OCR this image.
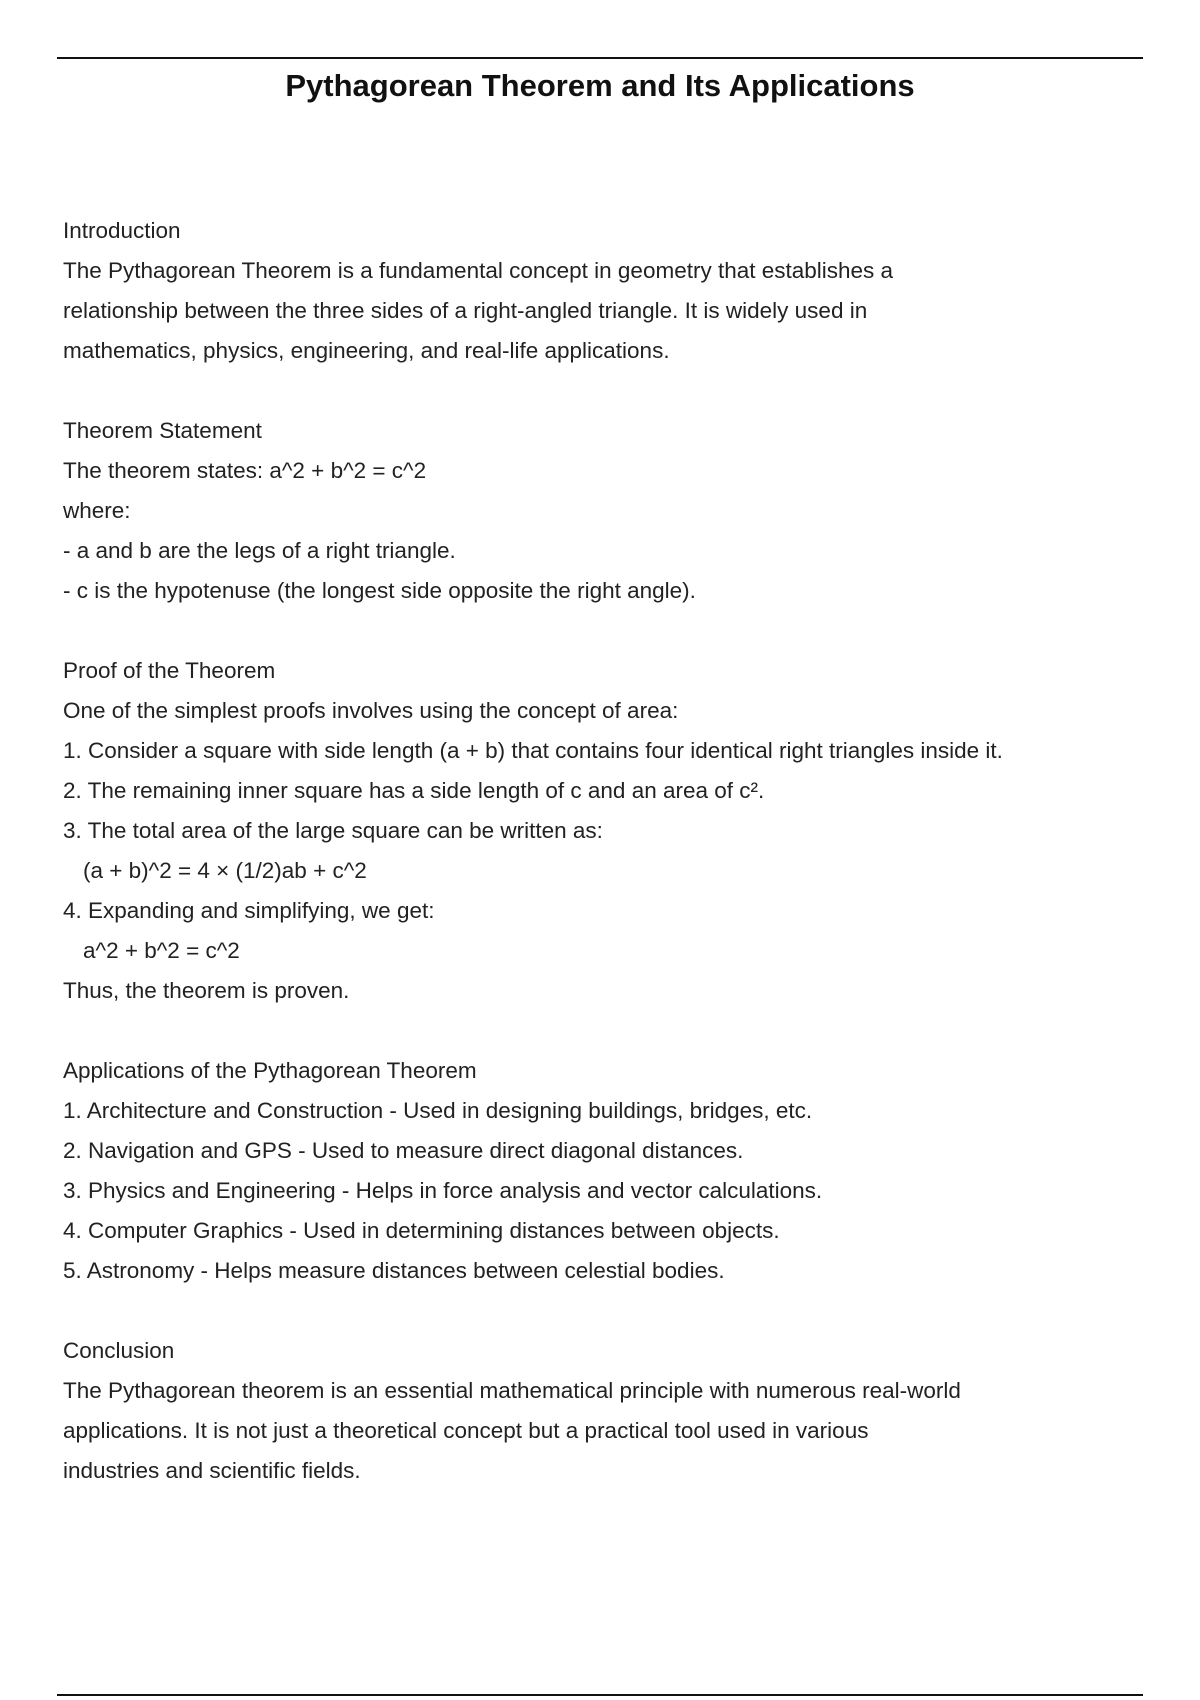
Pythagorean Theorem and Its Applications
Introduction
The Pythagorean Theorem is a fundamental concept in geometry that establishes a
relationship between the three sides of a right-angled triangle. It is widely used in
mathematics, physics, engineering, and real-life applications.
Theorem Statement
The theorem states: a^2 + b^2 = c^2
where:
- a and b are the legs of a right triangle.
- c is the hypotenuse (the longest side opposite the right angle).
Proof of the Theorem
One of the simplest proofs involves using the concept of area:
1. Consider a square with side length (a + b) that contains four identical right triangles inside it.
2. The remaining inner square has a side length of c and an area of c².
3. The total area of the large square can be written as:
(a + b)^2 = 4 × (1/2)ab + c^2
4. Expanding and simplifying, we get:
a^2 + b^2 = c^2
Thus, the theorem is proven.
Applications of the Pythagorean Theorem
1. Architecture and Construction - Used in designing buildings, bridges, etc.
2. Navigation and GPS - Used to measure direct diagonal distances.
3. Physics and Engineering - Helps in force analysis and vector calculations.
4. Computer Graphics - Used in determining distances between objects.
5. Astronomy - Helps measure distances between celestial bodies.
Conclusion
The Pythagorean theorem is an essential mathematical principle with numerous real-world
applications. It is not just a theoretical concept but a practical tool used in various
industries and scientific fields.
